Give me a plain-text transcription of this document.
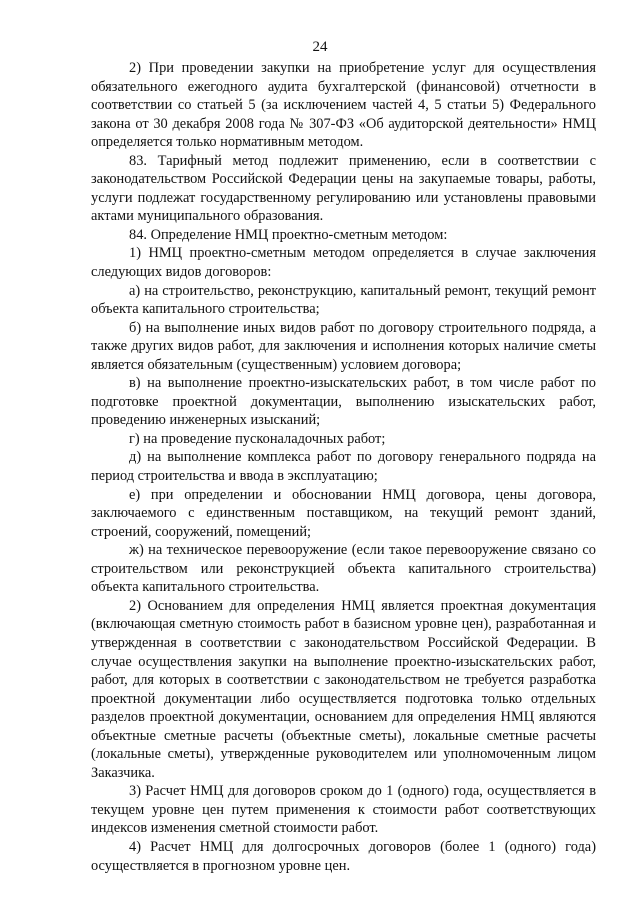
24

2) При проведении закупки на приобретение услуг для осуществления обязательного ежегодного аудита бухгалтерской (финансовой) отчетности в соответствии со статьей 5 (за исключением частей 4, 5 статьи 5) Федерального закона от 30 декабря 2008 года № 307-ФЗ «Об аудиторской деятельности» НМЦ определяется только нормативным методом.

83. Тарифный метод подлежит применению, если в соответствии с законодательством Российской Федерации цены на закупаемые товары, работы, услуги подлежат государственному регулированию или установлены правовыми актами муниципального образования.

84. Определение НМЦ проектно-сметным методом:

1) НМЦ проектно-сметным методом определяется в случае заключения следующих видов договоров:

а) на строительство, реконструкцию, капитальный ремонт, текущий ремонт объекта капитального строительства;

б) на выполнение иных видов работ по договору строительного подряда, а также других видов работ, для заключения и исполнения которых наличие сметы является обязательным (существенным) условием договора;

в) на выполнение проектно-изыскательских работ, в том числе работ по подготовке проектной документации, выполнению изыскательских работ, проведению инженерных изысканий;

г) на проведение пусконаладочных работ;

д) на выполнение комплекса работ по договору генерального подряда на период строительства и ввода в эксплуатацию;

е) при определении и обосновании НМЦ договора, цены договора, заключаемого с единственным поставщиком, на текущий ремонт зданий, строений, сооружений, помещений;

ж) на техническое перевооружение (если такое перевооружение связано со строительством или реконструкцией объекта капитального строительства) объекта капитального строительства.

2) Основанием для определения НМЦ является проектная документация (включающая сметную стоимость работ в базисном уровне цен), разработанная и утвержденная в соответствии с законодательством Российской Федерации. В случае осуществления закупки на выполнение проектно-изыскательских работ, работ, для которых в соответствии с законодательством не требуется разработка проектной документации либо осуществляется подготовка только отдельных разделов проектной документации, основанием для определения НМЦ являются объектные сметные расчеты (объектные сметы), локальные сметные расчеты (локальные сметы), утвержденные руководителем или уполномоченным лицом Заказчика.

3) Расчет НМЦ для договоров сроком до 1 (одного) года, осуществляется в текущем уровне цен путем применения к стоимости работ соответствующих индексов изменения сметной стоимости работ.

4) Расчет НМЦ для долгосрочных договоров (более 1 (одного) года) осуществляется в прогнозном уровне цен.
